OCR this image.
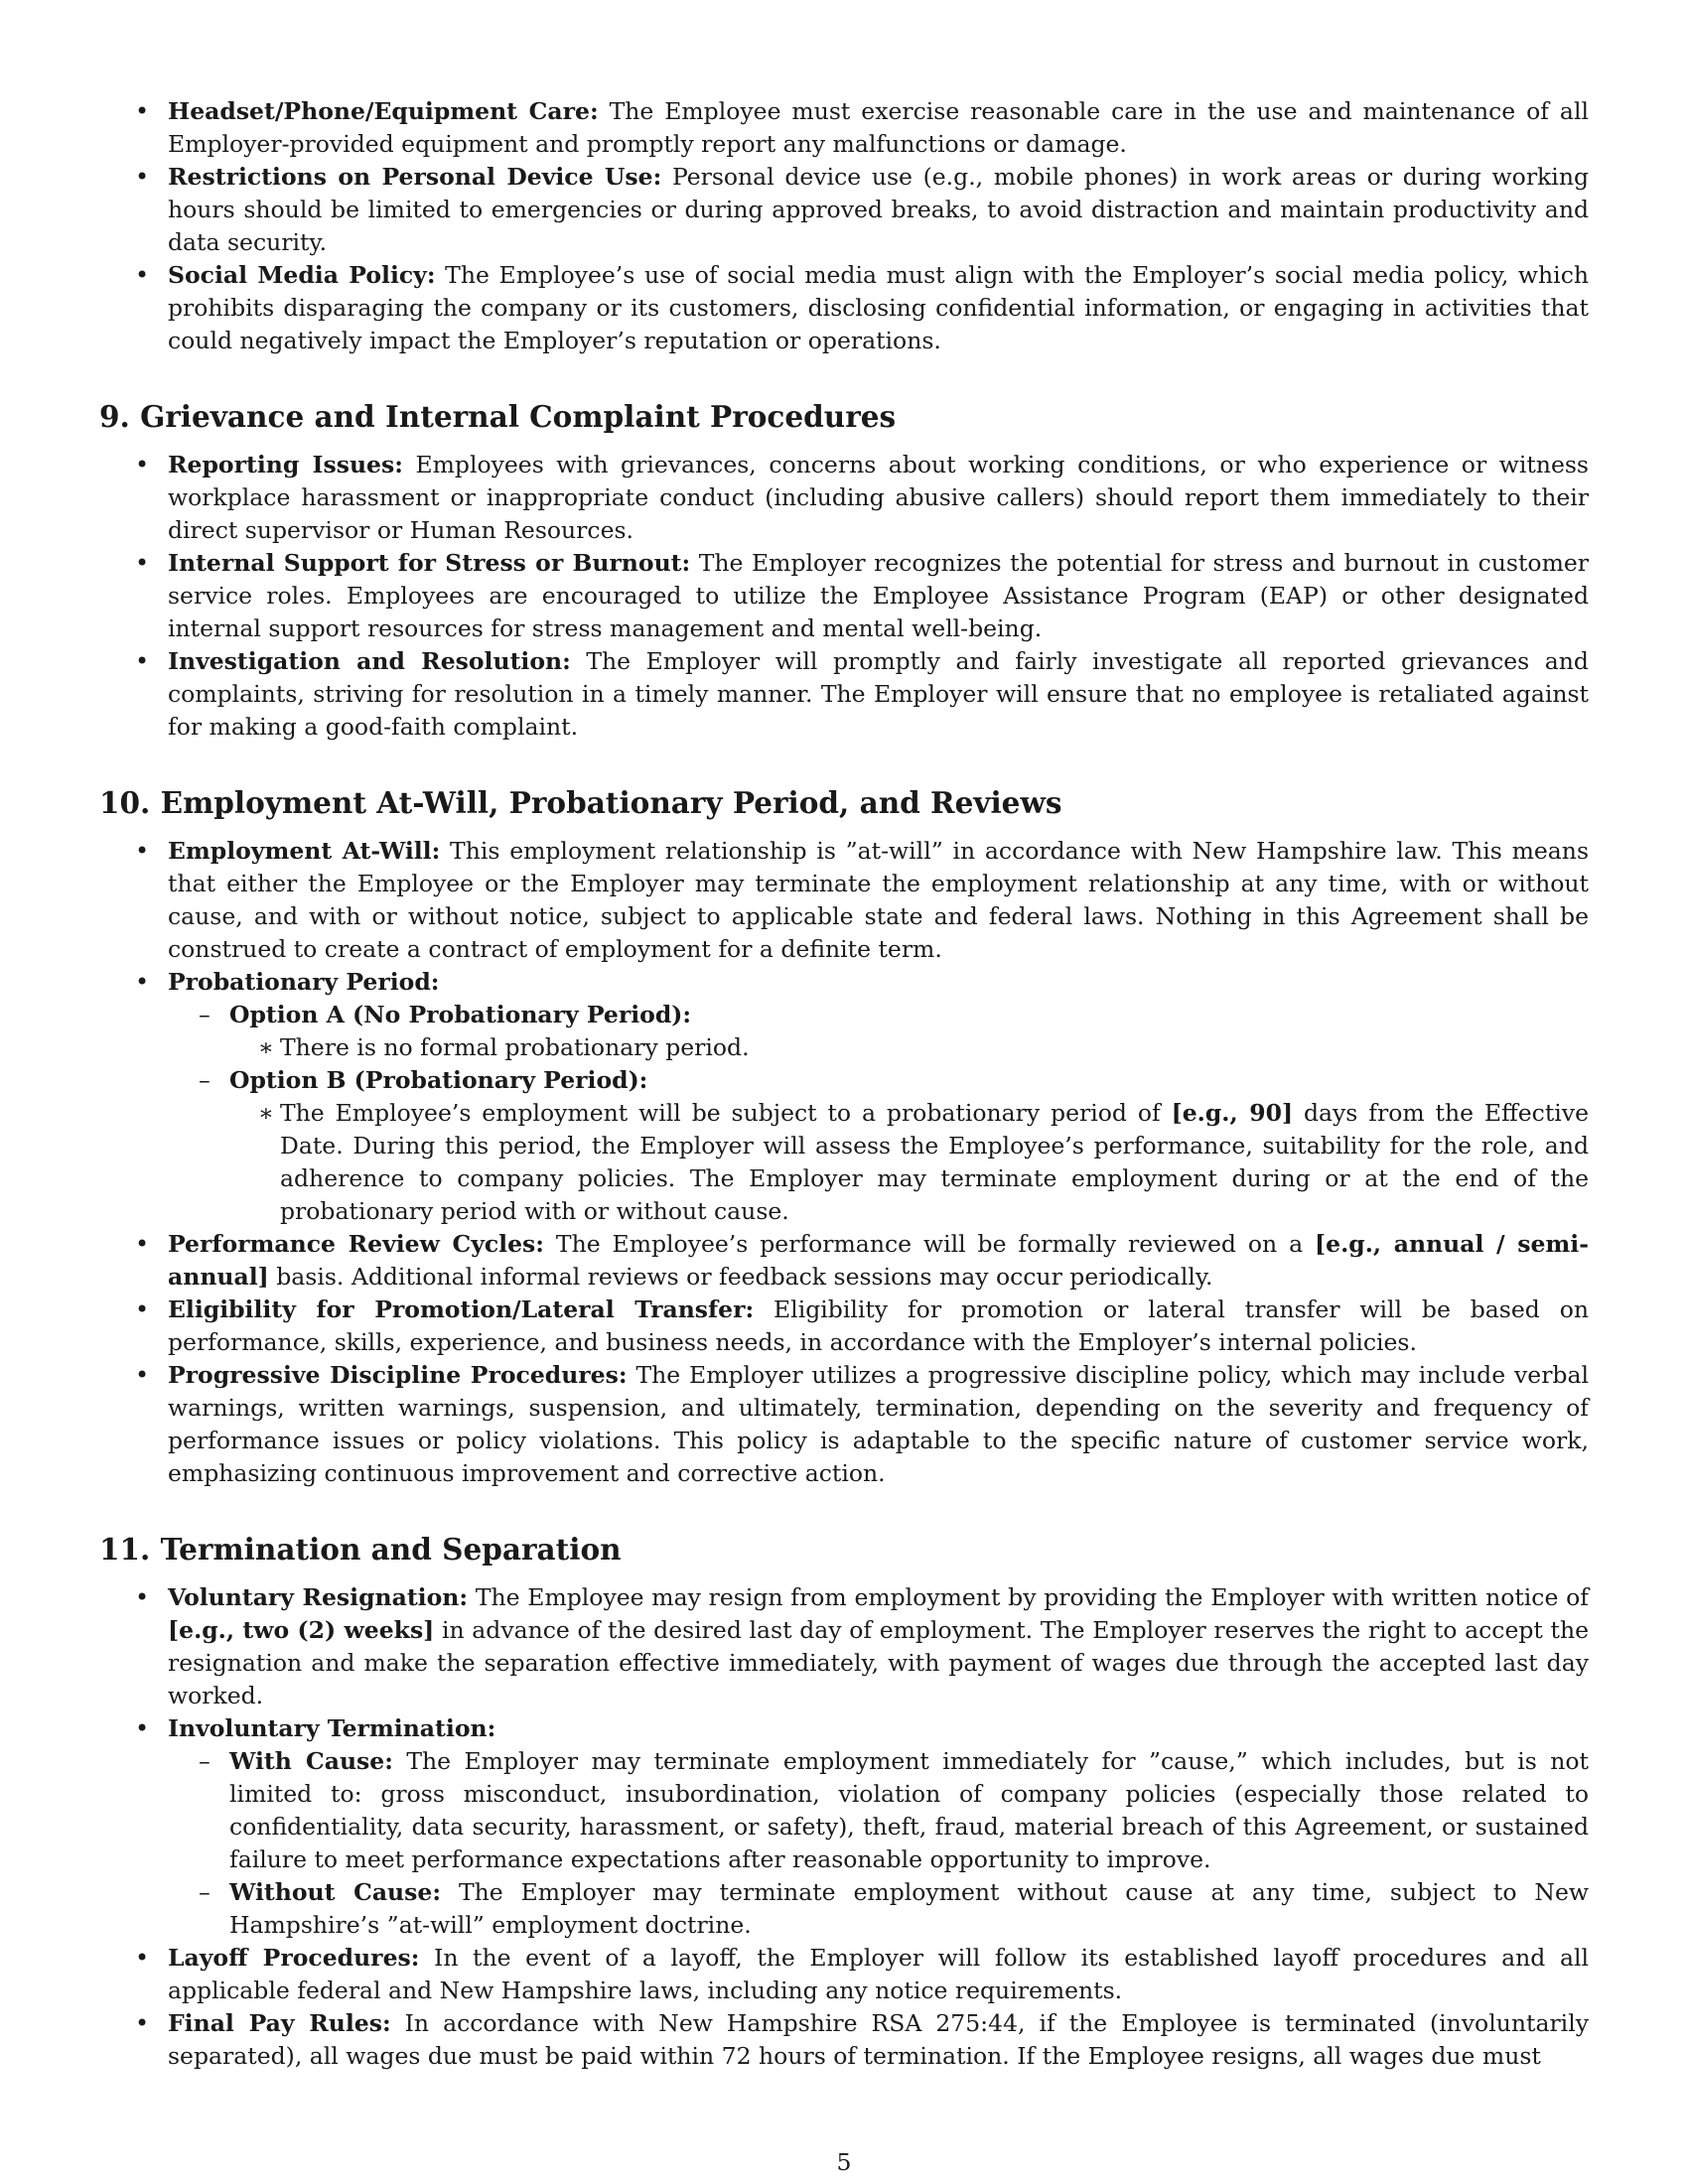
• Headset/Phone/Equipment Care: The Employee must exercise reasonable care in the use and maintenance of all Employer-provided equipment and promptly report any malfunctions or damage.
• Restrictions on Personal Device Use: Personal device use (e.g., mobile phones) in work areas or during working hours should be limited to emergencies or during approved breaks, to avoid distraction and maintain productivity and data security.
• Social Media Policy: The Employee’s use of social media must align with the Employer’s social media policy, which prohibits disparaging the company or its customers, disclosing confidential information, or engaging in activities that could negatively impact the Employer’s reputation or operations.
9. Grievance and Internal Complaint Procedures
• Reporting Issues: Employees with grievances, concerns about working conditions, or who experience or witness workplace harassment or inappropriate conduct (including abusive callers) should report them immediately to their direct supervisor or Human Resources.
• Internal Support for Stress or Burnout: The Employer recognizes the potential for stress and burnout in customer service roles. Employees are encouraged to utilize the Employee Assistance Program (EAP) or other designated internal support resources for stress management and mental well-being.
• Investigation and Resolution: The Employer will promptly and fairly investigate all reported grievances and complaints, striving for resolution in a timely manner. The Employer will ensure that no employee is retaliated against for making a good-faith complaint.
10. Employment At-Will, Probationary Period, and Reviews
• Employment At-Will: This employment relationship is ”at-will” in accordance with New Hampshire law. This means that either the Employee or the Employer may terminate the employment relationship at any time, with or without cause, and with or without notice, subject to applicable state and federal laws. Nothing in this Agreement shall be construed to create a contract of employment for a definite term.
• Probationary Period:
– Option A (No Probationary Period):
∗ There is no formal probationary period.
– Option B (Probationary Period):
∗ The Employee’s employment will be subject to a probationary period of [e.g., 90] days from the Effective Date. During this period, the Employer will assess the Employee’s performance, suitability for the role, and adherence to company policies. The Employer may terminate employment during or at the end of the probationary period with or without cause.
• Performance Review Cycles: The Employee’s performance will be formally reviewed on a [e.g., annual / semi-annual] basis. Additional informal reviews or feedback sessions may occur periodically.
• Eligibility for Promotion/Lateral Transfer: Eligibility for promotion or lateral transfer will be based on performance, skills, experience, and business needs, in accordance with the Employer’s internal policies.
• Progressive Discipline Procedures: The Employer utilizes a progressive discipline policy, which may include verbal warnings, written warnings, suspension, and ultimately, termination, depending on the severity and frequency of performance issues or policy violations. This policy is adaptable to the specific nature of customer service work, emphasizing continuous improvement and corrective action.
11. Termination and Separation
• Voluntary Resignation: The Employee may resign from employment by providing the Employer with written notice of [e.g., two (2) weeks] in advance of the desired last day of employment. The Employer reserves the right to accept the resignation and make the separation effective immediately, with payment of wages due through the accepted last day worked.
• Involuntary Termination:
– With Cause: The Employer may terminate employment immediately for ”cause,” which includes, but is not limited to: gross misconduct, insubordination, violation of company policies (especially those related to confidentiality, data security, harassment, or safety), theft, fraud, material breach of this Agreement, or sustained failure to meet performance expectations after reasonable opportunity to improve.
– Without Cause: The Employer may terminate employment without cause at any time, subject to New Hampshire’s ”at-will” employment doctrine.
• Layoff Procedures: In the event of a layoff, the Employer will follow its established layoff procedures and all applicable federal and New Hampshire laws, including any notice requirements.
• Final Pay Rules: In accordance with New Hampshire RSA 275:44, if the Employee is terminated (involuntarily separated), all wages due must be paid within 72 hours of termination. If the Employee resigns, all wages due must
5
